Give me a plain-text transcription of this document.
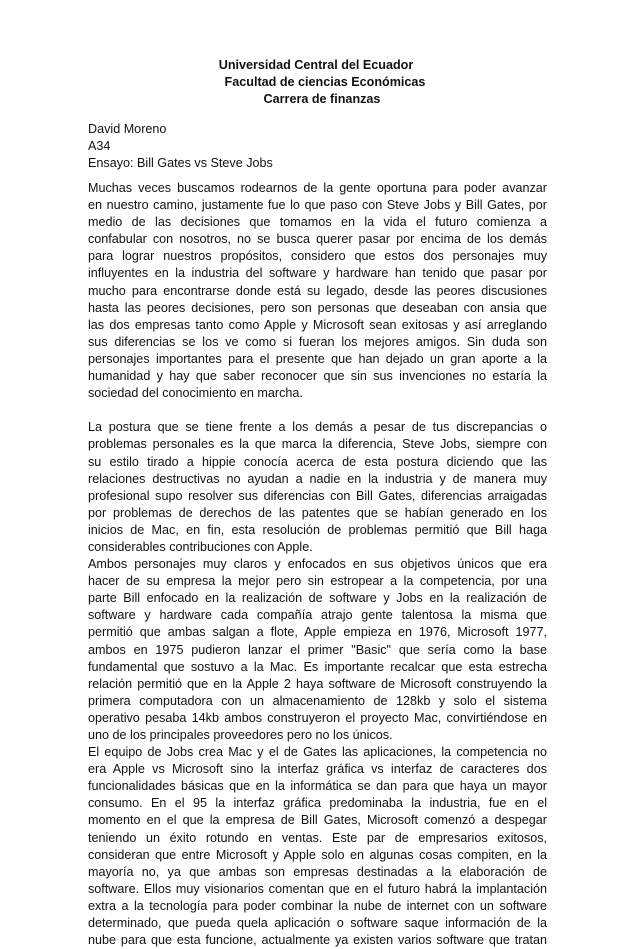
Universidad Central del Ecuador
Facultad de ciencias Económicas
Carrera de finanzas
David Moreno
A34
Ensayo: Bill Gates vs Steve Jobs
Muchas veces buscamos rodearnos de la gente oportuna para poder avanzar
en nuestro camino, justamente fue lo que paso con Steve Jobs y Bill Gates, por
medio de las decisiones que tomamos en la vida el futuro comienza a
confabular con nosotros, no se busca querer pasar por encima de los demás
para lograr nuestros propósitos, considero que estos dos personajes muy
influyentes en la industria del software y hardware han tenido que pasar por
mucho para encontrarse donde está su legado, desde las peores discusiones
hasta las peores decisiones, pero son personas que deseaban con ansia que
las dos empresas tanto como Apple y Microsoft sean exitosas y así arreglando
sus diferencias se los ve como si fueran los mejores amigos. Sin duda son
personajes importantes para el presente que han dejado un gran aporte a la
humanidad y hay que saber reconocer que sin sus invenciones no estaría la
sociedad del conocimiento en marcha.
La postura que se tiene frente a los demás a pesar de tus discrepancias o
problemas personales es la que marca la diferencia, Steve Jobs, siempre con
su estilo tirado a hippie conocía acerca de esta postura diciendo que las
relaciones destructivas no ayudan a nadie en la industria y de manera muy
profesional supo resolver sus diferencias con Bill Gates, diferencias arraigadas
por problemas de derechos de las patentes que se habían generado en los
inicios de Mac, en fin, esta resolución de problemas permitió que Bill haga
considerables contribuciones con Apple.
Ambos personajes muy claros y enfocados en sus objetivos únicos que era
hacer de su empresa la mejor pero sin estropear a la competencia, por una
parte Bill enfocado en la realización de software y Jobs en la realización de
software y hardware cada compañía atrajo gente talentosa la misma que
permitió que ambas salgan a flote, Apple empieza en 1976, Microsoft 1977,
ambos en 1975 pudieron lanzar el primer "Basic" que sería como la base
fundamental que sostuvo a la Mac. Es importante recalcar que esta estrecha
relación permitió que en la Apple 2 haya software de Microsoft construyendo la
primera computadora con un almacenamiento de 128kb y solo el sistema
operativo pesaba 14kb ambos construyeron el proyecto Mac, convirtiéndose en
uno de los principales proveedores pero no los únicos.
El equipo de Jobs crea Mac y el de Gates las aplicaciones, la competencia no
era Apple vs Microsoft sino la interfaz gráfica vs interfaz de caracteres dos
funcionalidades básicas que en la informática se dan para que haya un mayor
consumo. En el 95 la interfaz gráfica predominaba la industria, fue en el
momento en el que la empresa de Bill Gates, Microsoft comenzó a despegar
teniendo un éxito rotundo en ventas. Este par de empresarios exitosos,
consideran que entre Microsoft y Apple solo en algunas cosas compiten, en la
mayoría no, ya que ambas son empresas destinadas a la elaboración de
software. Ellos muy visionarios comentan que en el futuro habrá la implantación
extra a la tecnología para poder combinar la nube de internet con un software
determinado, que pueda quela aplicación o software saque información de la
nube para que esta funcione, actualmente ya existen varios software que tratan
